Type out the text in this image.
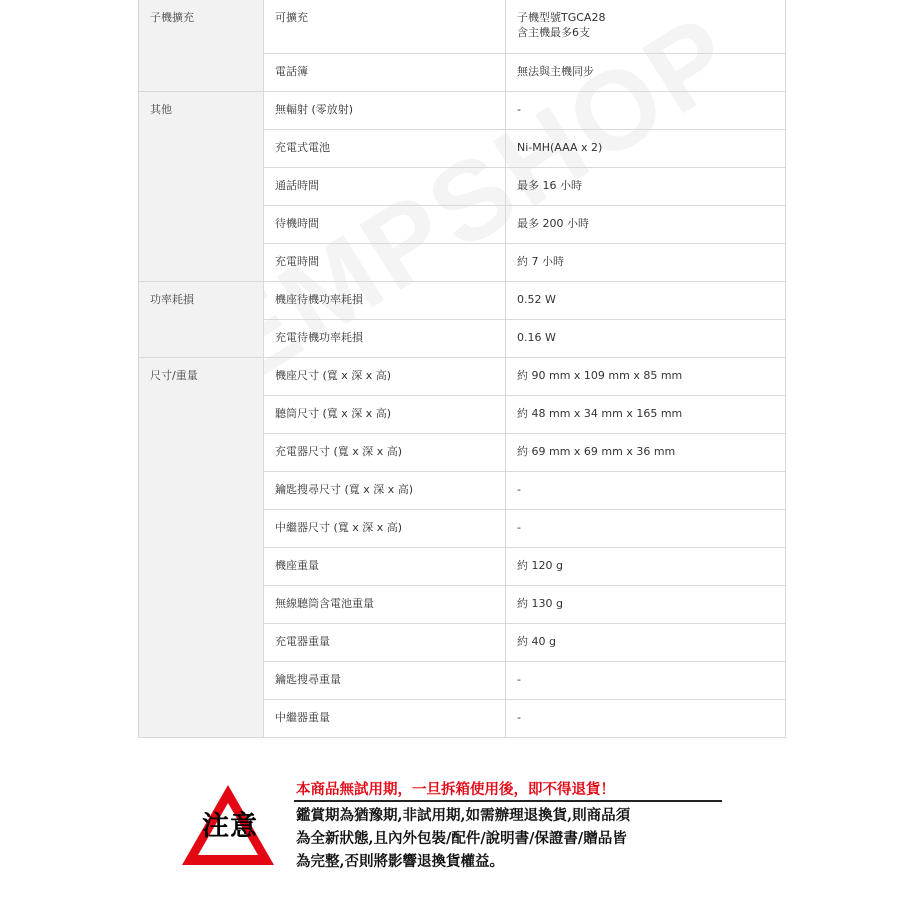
子機擴充	可擴充	子機型號TGCA28
含主機最多6支
	電話簿	無法與主機同步
其他	無輻射 (零放射)	-
	充電式電池	Ni-MH(AAA x 2)
	通話時間	最多 16 小時
	待機時間	最多 200 小時
	充電時間	約 7 小時
功率耗損	機座待機功率耗損	0.52 W
	充電待機功率耗損	0.16 W
尺寸/重量	機座尺寸 (寬 x 深 x 高)	約 90 mm x 109 mm x 85 mm
	聽筒尺寸 (寬 x 深 x 高)	約 48 mm x 34 mm x 165 mm
	充電器尺寸 (寬 x 深 x 高)	約 69 mm x 69 mm x 36 mm
	鑰匙搜尋尺寸 (寬 x 深 x 高)	-
	中繼器尺寸 (寬 x 深 x 高)	-
	機座重量	約 120 g
	無線聽筒含電池重量	約 130 g
	充電器重量	約 40 g
	鑰匙搜尋重量	-
	中繼器重量	-
注意
本商品無試用期，一旦拆箱使用後，即不得退貨！
鑑賞期為猶豫期,非試用期,如需辦理退換貨,則商品須
為全新狀態,且內外包裝/配件/說明書/保證書/贈品皆
為完整,否則將影響退換貨權益。
